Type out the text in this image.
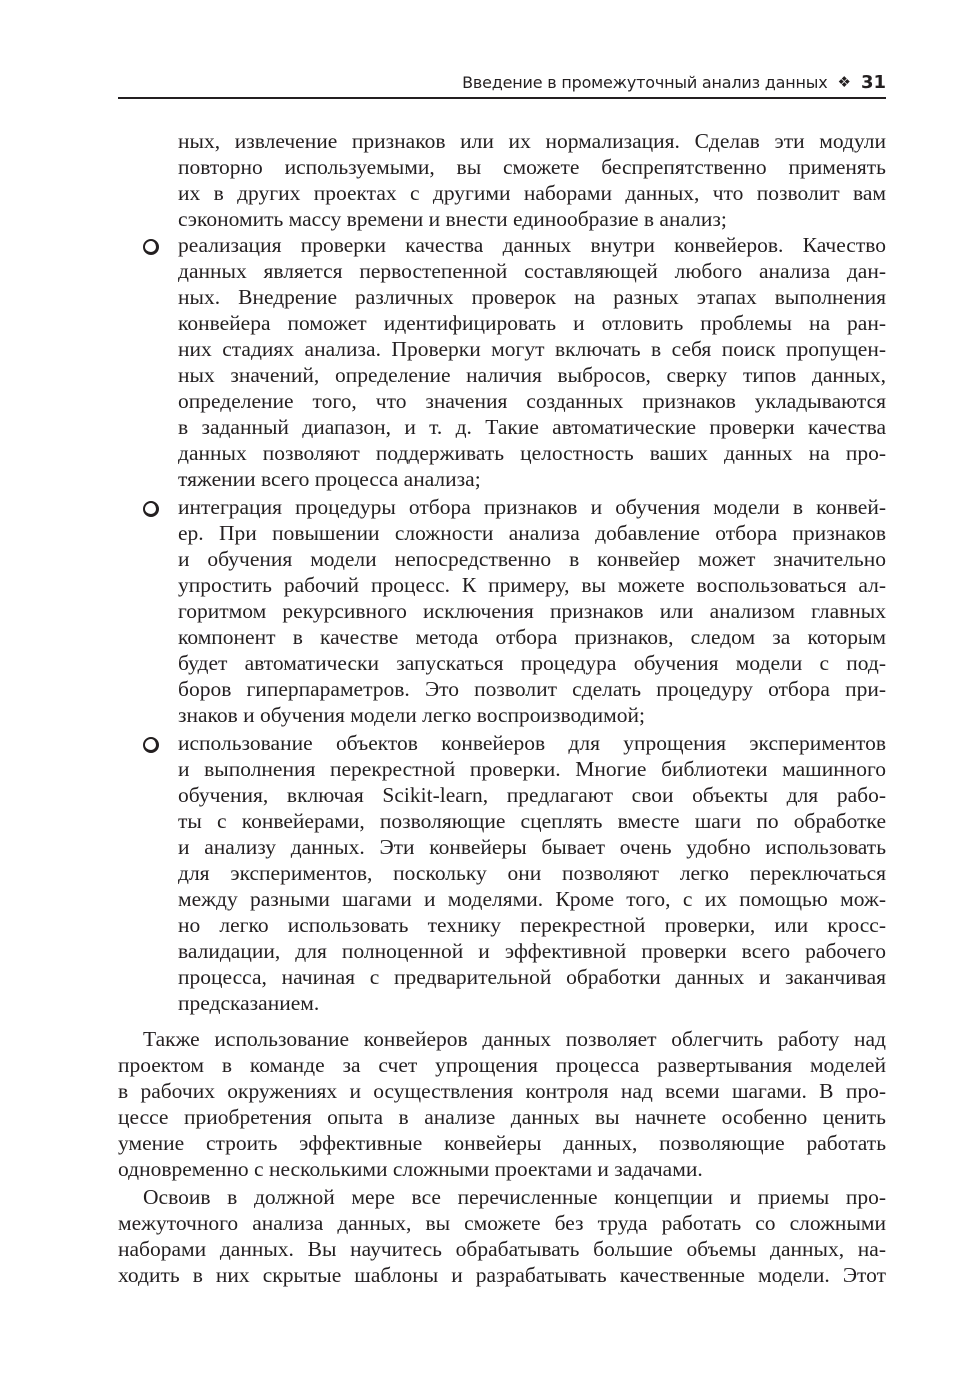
Введение в промежуточный анализ данных ❖ 31
ных, извлечение признаков или их нормализация. Сделав эти модули
повторно используемыми, вы сможете беспрепятственно применять
их в других проектах с другими наборами данных, что позволит вам
сэкономить массу времени и внести единообразие в анализ;
реализация проверки качества данных внутри конвейеров. Качество
данных является первостепенной составляющей любого анализа дан-
ных. Внедрение различных проверок на разных этапах выполнения
конвейера поможет идентифицировать и отловить проблемы на ран-
них стадиях анализа. Проверки могут включать в себя поиск пропущен-
ных значений, определение наличия выбросов, сверку типов данных,
определение того, что значения созданных признаков укладываются
в заданный диапазон, и т. д. Такие автоматические проверки качества
данных позволяют поддерживать целостность ваших данных на про-
тяжении всего процесса анализа;
интеграция процедуры отбора признаков и обучения модели в конвей-
ер. При повышении сложности анализа добавление отбора признаков
и обучения модели непосредственно в конвейер может значительно
упростить рабочий процесс. К примеру, вы можете воспользоваться ал-
горитмом рекурсивного исключения признаков или анализом главных
компонент в качестве метода отбора признаков, следом за которым
будет автоматически запускаться процедура обучения модели с под-
боров гиперпараметров. Это позволит сделать процедуру отбора при-
знаков и обучения модели легко воспроизводимой;
использование объектов конвейеров для упрощения экспериментов
и выполнения перекрестной проверки. Многие библиотеки машинного
обучения, включая Scikit-learn, предлагают свои объекты для рабо-
ты с конвейерами, позволяющие сцеплять вместе шаги по обработке
и анализу данных. Эти конвейеры бывает очень удобно использовать
для экспериментов, поскольку они позволяют легко переключаться
между разными шагами и моделями. Кроме того, с их помощью мож-
но легко использовать технику перекрестной проверки, или кросс-
валидации, для полноценной и эффективной проверки всего рабочего
процесса, начиная с предварительной обработки данных и заканчивая
предсказанием.
Также использование конвейеров данных позволяет облегчить работу над
проектом в команде за счет упрощения процесса развертывания моделей
в рабочих окружениях и осуществления контроля над всеми шагами. В про-
цессе приобретения опыта в анализе данных вы начнете особенно ценить
умение строить эффективные конвейеры данных, позволяющие работать
одновременно с несколькими сложными проектами и задачами.
Освоив в должной мере все перечисленные концепции и приемы про-
межуточного анализа данных, вы сможете без труда работать со сложными
наборами данных. Вы научитесь обрабатывать большие объемы данных, на-
ходить в них скрытые шаблоны и разрабатывать качественные модели. Этот
